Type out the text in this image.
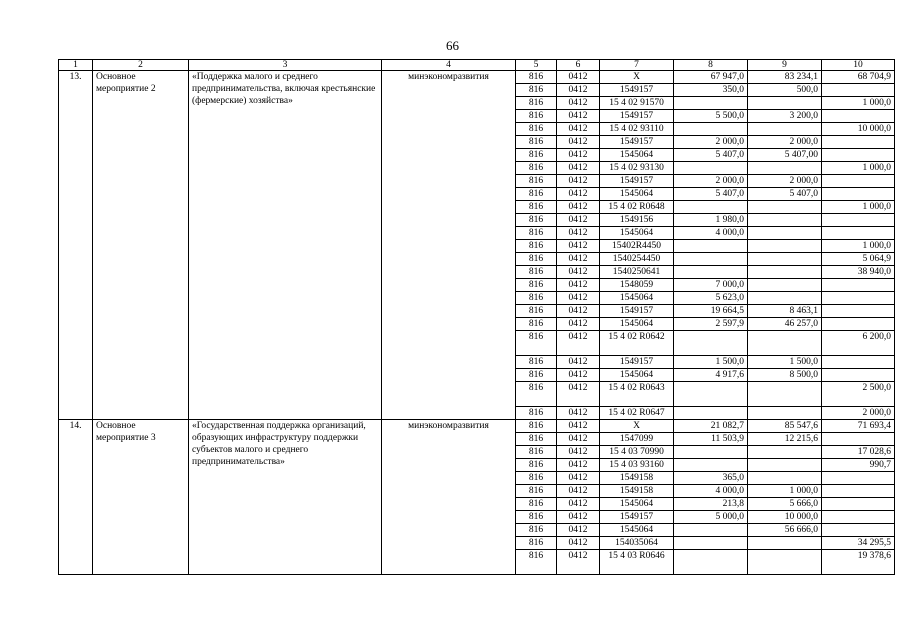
66
1	2	3	4	5	6	7	8	9	10
13.	Основное мероприятие 2	«Поддержка малого и среднего предпринимательства, включая крестьянские (фермерские) хозяйства»	минэкономразвития	816	0412	Х	67 947,0	83 234,1	68 704,9
				816	0412	1549157	350,0	500,0	
				816	0412	15 4 02 91570			1 000,0
				816	0412	1549157	5 500,0	3 200,0	
				816	0412	15 4 02 93110			10 000,0
				816	0412	1549157	2 000,0	2 000,0	
				816	0412	1545064	5 407,0	5 407,00	
				816	0412	15 4 02 93130			1 000,0
				816	0412	1549157	2 000,0	2 000,0	
				816	0412	1545064	5 407,0	5 407,0	
				816	0412	15 4 02 R0648			1 000,0
				816	0412	1549156	1 980,0		
				816	0412	1545064	4 000,0		
				816	0412	15402R4450			1 000,0
				816	0412	1540254450			5 064,9
				816	0412	1540250641			38 940,0
				816	0412	1548059	7 000,0		
				816	0412	1545064	5 623,0		
				816	0412	1549157	19 664,5	8 463,1	
				816	0412	1545064	2 597,9	46 257,0	
				816	0412	15 4 02 R0642			6 200,0
				816	0412	1549157	1 500,0	1 500,0	
				816	0412	1545064	4 917,6	8 500,0	
				816	0412	15 4 02 R0643			2 500,0
				816	0412	15 4 02 R0647			2 000,0
14.	Основное мероприятие 3	«Государственная поддержка организаций, образующих инфраструктуру поддержки субъектов малого и среднего предпринимательства»	минэкономразвития	816	0412	Х	21 082,7	85 547,6	71 693,4
				816	0412	1547099	11 503,9	12 215,6	
				816	0412	15 4 03 70990			17 028,6
				816	0412	15 4 03 93160			990,7
				816	0412	1549158	365,0		
				816	0412	1549158	4 000,0	1 000,0	
				816	0412	1545064	213,8	5 666,0	
				816	0412	1549157	5 000,0	10 000,0	
				816	0412	1545064		56 666,0	
				816	0412	154035064			34 295,5
				816	0412	15 4 03 R0646			19 378,6
